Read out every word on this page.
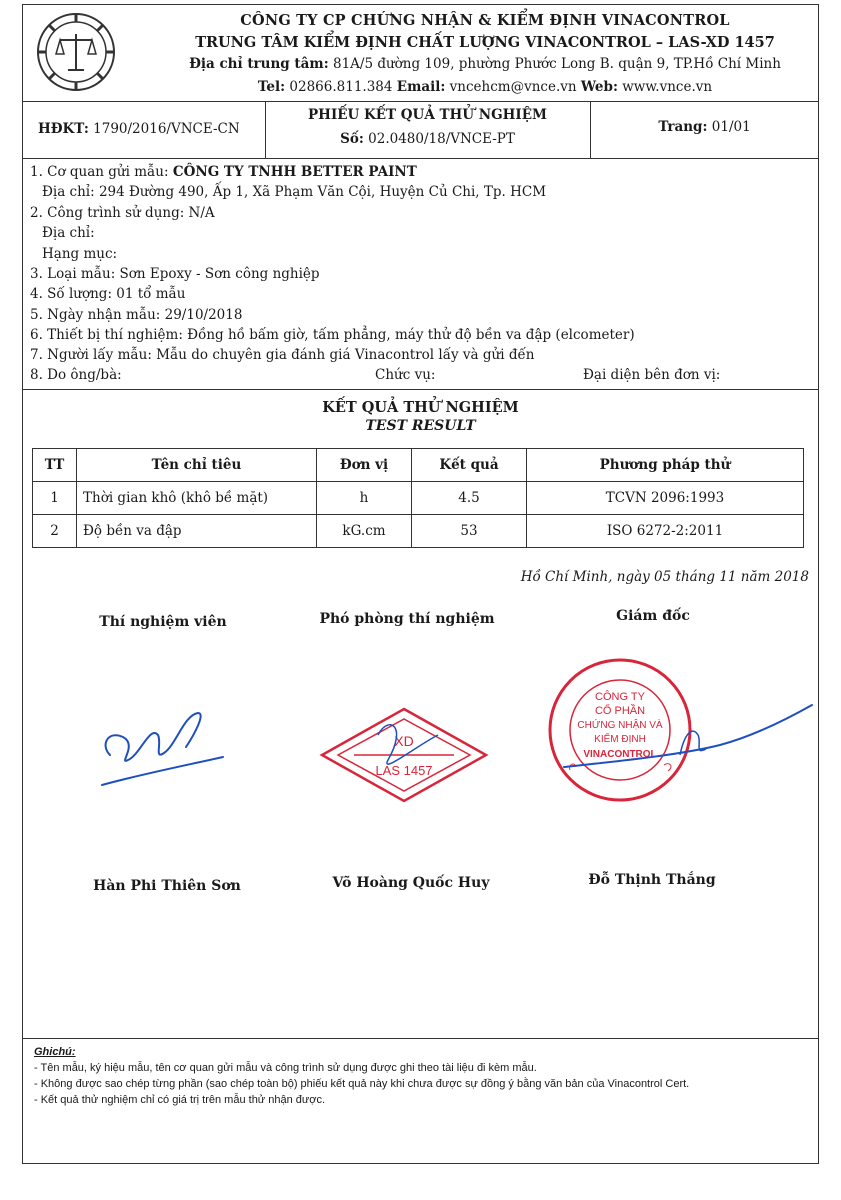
CÔNG TY CP CHỨNG NHẬN & KIỂM ĐỊNH VINACONTROL
TRUNG TÂM KIỂM ĐỊNH CHẤT LƯỢNG VINACONTROL – LAS-XD 1457
Địa chỉ trung tâm: 81A/5 đường 109, phường Phước Long B. quận 9, TP.Hồ Chí Minh
Tel: 02866.811.384 Email: vncehcm@vnce.vn Web: www.vnce.vn
HĐKT: 1790/2016/VNCE-CN
PHIẾU KẾT QUẢ THỬ NGHIỆM
Số: 02.0480/18/VNCE-PT
Trang: 01/01
1. Cơ quan gửi mẫu: CÔNG TY TNHH BETTER PAINT
Địa chỉ: 294 Đường 490, Ấp 1, Xã Phạm Văn Cội, Huyện Củ Chi, Tp. HCM
2. Công trình sử dụng: N/A
Địa chỉ:
Hạng mục:
3. Loại mẫu: Sơn Epoxy - Sơn công nghiệp
4. Số lượng: 01 tổ mẫu
5. Ngày nhận mẫu: 29/10/2018
6. Thiết bị thí nghiệm: Đồng hồ bấm giờ, tấm phẳng, máy thử độ bền va đập (elcometer)
7. Người lấy mẫu: Mẫu do chuyên gia đánh giá Vinacontrol lấy và gửi đến
8. Do ông/bà:	Chức vụ:	Đại diện bên đơn vị:
KẾT QUẢ THỬ NGHIỆM
TEST RESULT
TT	Tên chỉ tiêu	Đơn vị	Kết quả	Phương pháp thử
1	Thời gian khô (khô bề mặt)	h	4.5	TCVN 2096:1993
2	Độ bền va đập	kG.cm	53	ISO 6272-2:2011
Hồ Chí Minh, ngày 05 tháng 11 năm 2018
Thí nghiệm viên	Phó phòng thí nghiệm	Giám đốc
XD
LAS 1457
CÔNG TY
CỔ PHẦN
CHỨNG NHẬN VÀ
KIỂM ĐỊNH
VINACONTROL
Hàn Phi Thiên Sơn	Võ Hoàng Quốc Huy	Đỗ Thịnh Thắng
Ghichú:
- Tên mẫu, ký hiệu mẫu, tên cơ quan gửi mẫu và công trình sử dụng được ghi theo tài liệu đi kèm mẫu.
- Không được sao chép từng phần (sao chép toàn bộ) phiếu kết quả này khi chưa được sự đồng ý bằng văn bản của Vinacontrol Cert.
- Kết quả thử nghiệm chỉ có giá trị trên mẫu thử nhận được.
